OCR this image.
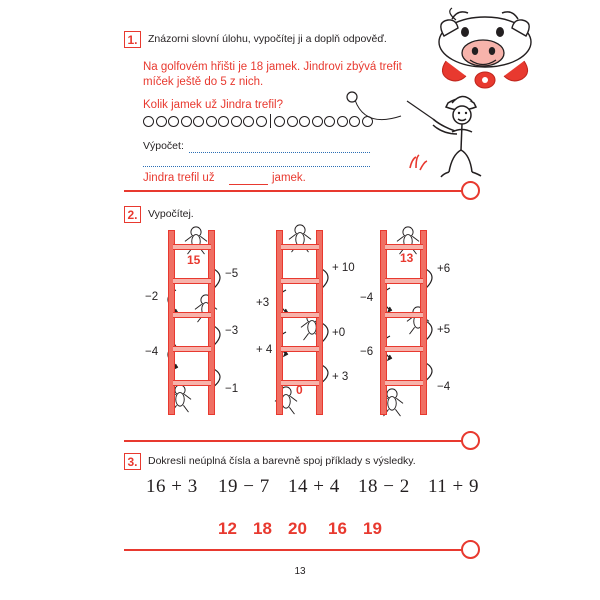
1.	Znázorni slovní úlohu, vypočítej ji a doplň odpověď.
Na golfovém hřišti je 18 jamek. Jindrovi zbývá trefit
míček ještě do 5 z nich.
Kolik jamek už Jindra trefil?
Výpočet:
Jindra trefil už	jamek.
2.	Vypočítej.
15
−5
−3
−1
−2
−4
0
+ 10
+0
+ 3
+3
+ 4
13
+6
+5
−4
−4
−6
3.	Dokresli neúplná čísla a barevně spoj příklady s výsledky.
16 + 3 19 − 7 14 + 4 18 − 2 11 + 9
12 18 20 16 19
13
